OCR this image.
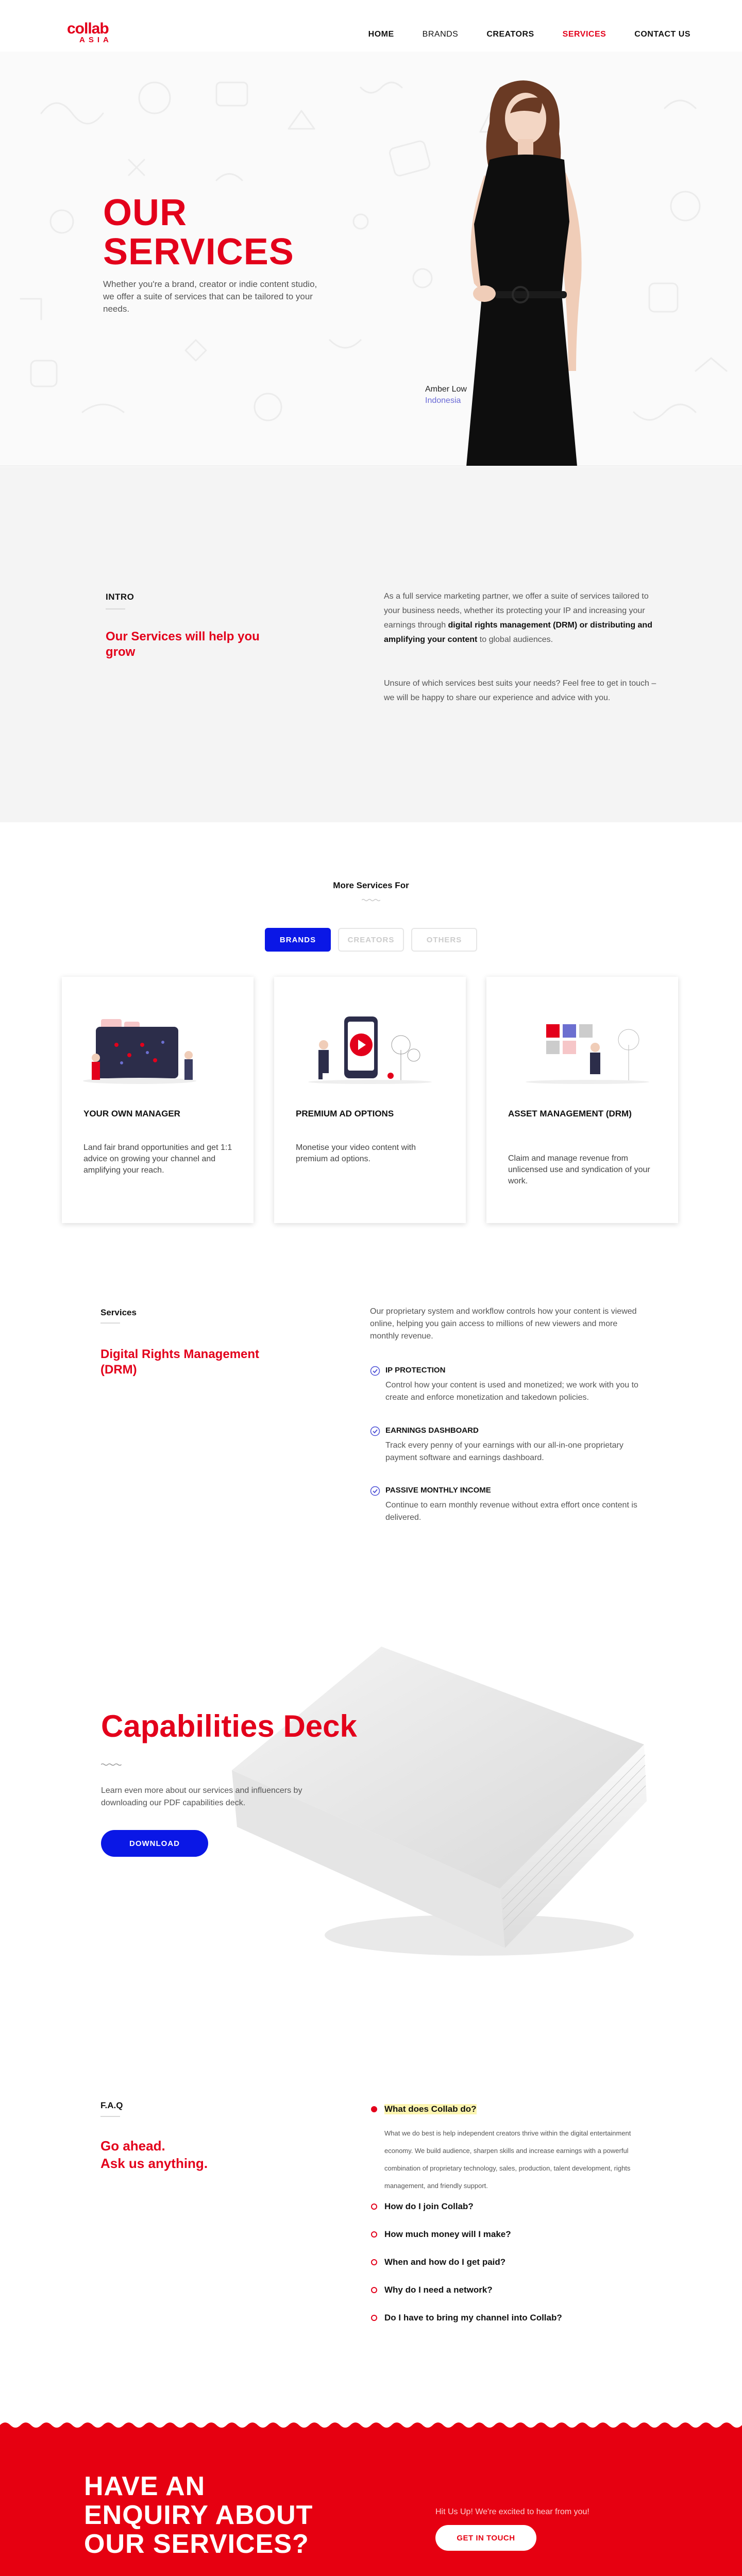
collab
ASIA
HOME	BRANDS	CREATORS	SERVICES	CONTACT US
OUR
SERVICES

Whether you're a brand, creator or indie content studio, we offer a suite of services that can be tailored to your needs.

Amber Low
Indonesia
INTRO
Our Services will help you grow

As a full service marketing partner, we offer a suite of services tailored to your business needs, whether its protecting your IP and increasing your earnings through digital rights management (DRM) or distributing and amplifying your content to global audiences.

Unsure of which services best suits your needs? Feel free to get in touch – we will be happy to share our experience and advice with you.

More Services For
BRANDS	CREATORS	OTHERS
YOUR OWN MANAGER
Land fair brand opportunities and get 1:1 advice on growing your channel and amplifying your reach.
PREMIUM AD OPTIONS
Monetise your video content with premium ad options.
ASSET MANAGEMENT (DRM)
Claim and manage revenue from unlicensed use and syndication of your work.
Services
Digital Rights Management (DRM)

Our proprietary system and workflow controls how your content is viewed online, helping you gain access to millions of new viewers and more monthly revenue.

IP PROTECTION
Control how your content is used and monetized; we work with you to create and enforce monetization and takedown policies.
EARNINGS DASHBOARD
Track every penny of your earnings with our all-in-one proprietary payment software and earnings dashboard.
PASSIVE MONTHLY INCOME
Continue to earn monthly revenue without extra effort once content is delivered.
Capabilities Deck

Learn even more about our services and influencers by downloading our PDF capabilities deck.

DOWNLOAD
F.A.Q
Go ahead.
Ask us anything.
What does Collab do?

What we do best is help independent creators thrive within the digital entertainment economy. We build audience, sharpen skills and increase earnings with a powerful combination of proprietary technology, sales, production, talent development, rights management, and friendly support.

How do I join Collab?
How much money will I make?
When and how do I get paid?
Why do I need a network?
Do I have to bring my channel into Collab?
HAVE AN
ENQUIRY ABOUT
OUR SERVICES?

Hit Us Up! We're excited to hear from you!

GET IN TOUCH
